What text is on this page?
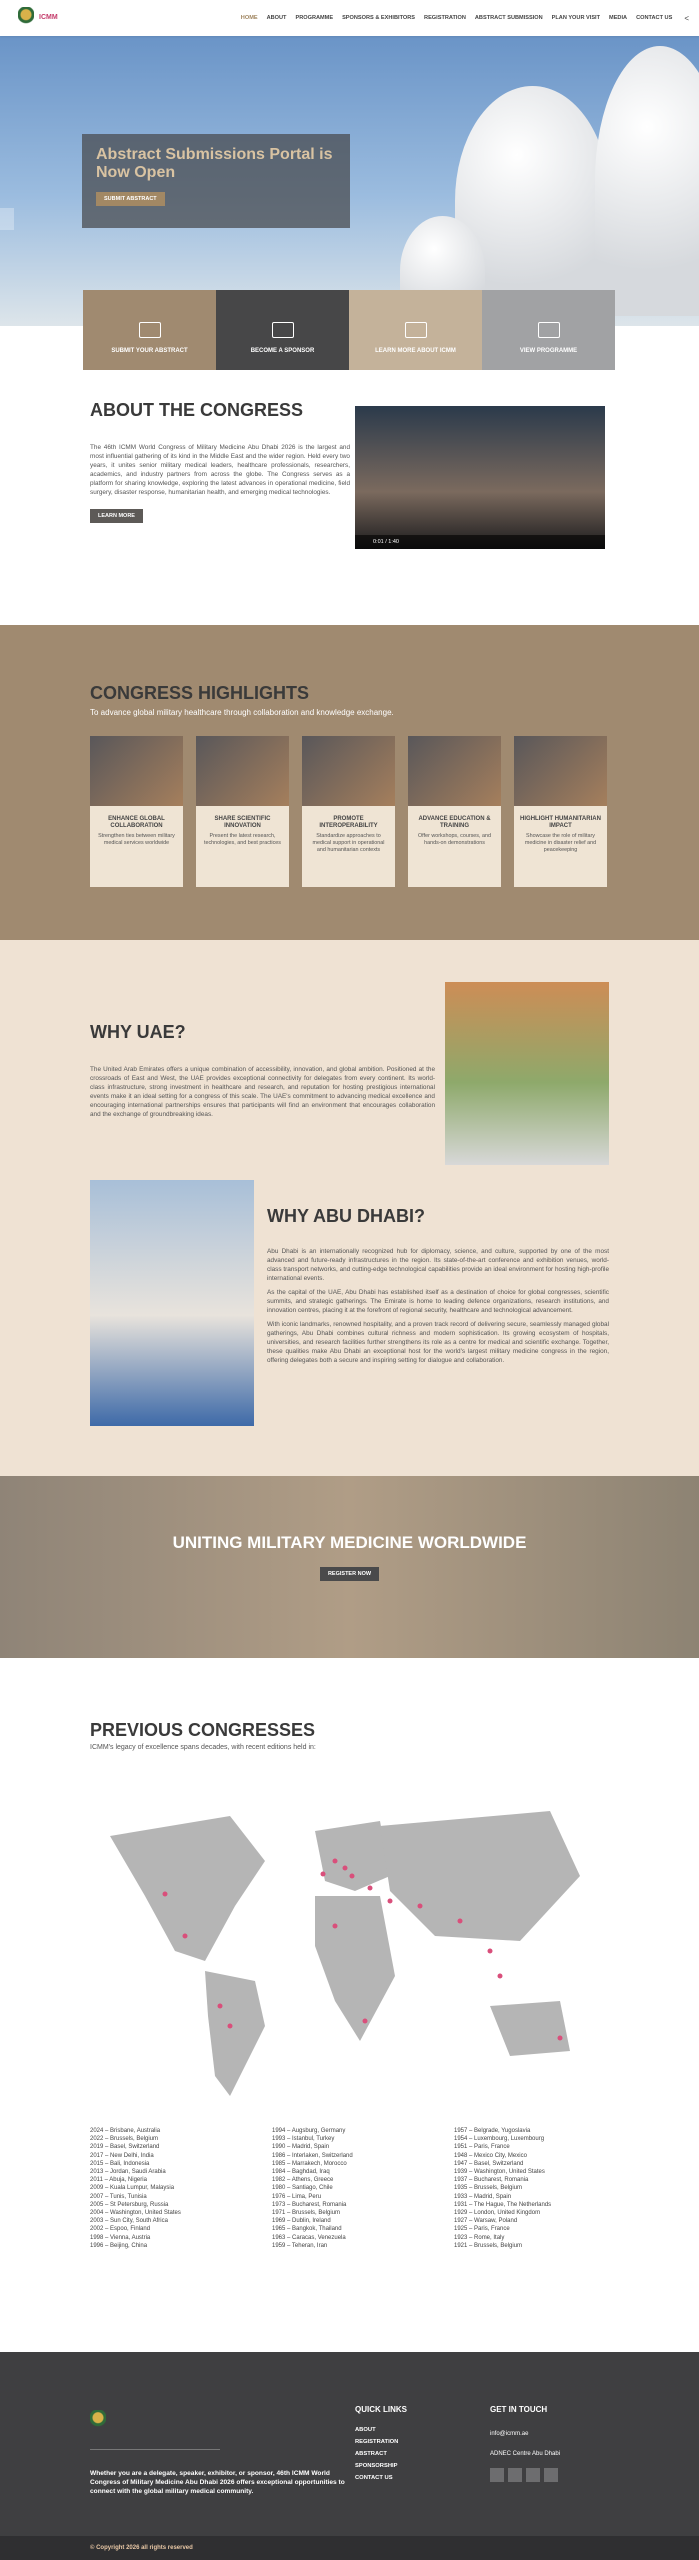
ICMM	HOME ABOUT PROGRAMME SPONSORS & EXHIBITORS REGISTRATION ABSTRACT SUBMISSION PLAN YOUR VISIT MEDIA CONTACT US <
Abstract Submissions Portal is Now Open
SUBMIT ABSTRACT
SUBMIT YOUR ABSTRACT	BECOME A SPONSOR	LEARN MORE ABOUT ICMM	VIEW PROGRAMME
ABOUT THE CONGRESS
The 46th ICMM World Congress of Military Medicine Abu Dhabi 2026 is the largest and most influential gathering of its kind in the Middle East and the wider region. Held every two years, it unites senior military medical leaders, healthcare professionals, researchers, academics, and industry partners from across the globe. The Congress serves as a platform for sharing knowledge, exploring the latest advances in operational medicine, field surgery, disaster response, humanitarian health, and emerging medical technologies.
LEARN MORE
0:01 / 1:40
CONGRESS HIGHLIGHTS
To advance global military healthcare through collaboration and knowledge exchange.
ENHANCE GLOBAL COLLABORATION
Strengthen ties between military medical services worldwide
SHARE SCIENTIFIC INNOVATION
Present the latest research, technologies, and best practices
PROMOTE INTEROPERABILITY
Standardize approaches to medical support in operational and humanitarian contexts
ADVANCE EDUCATION & TRAINING
Offer workshops, courses, and hands-on demonstrations
HIGHLIGHT HUMANITARIAN IMPACT
Showcase the role of military medicine in disaster relief and peacekeeping
WHY UAE?
The United Arab Emirates offers a unique combination of accessibility, innovation, and global ambition. Positioned at the crossroads of East and West, the UAE provides exceptional connectivity for delegates from every continent. Its world-class infrastructure, strong investment in healthcare and research, and reputation for hosting prestigious international events make it an ideal setting for a congress of this scale. The UAE's commitment to advancing medical excellence and encouraging international partnerships ensures that participants will find an environment that encourages collaboration and the exchange of groundbreaking ideas.
WHY ABU DHABI?
Abu Dhabi is an internationally recognized hub for diplomacy, science, and culture, supported by one of the most advanced and future-ready infrastructures in the region. Its state-of-the-art conference and exhibition venues, world-class transport networks, and cutting-edge technological capabilities provide an ideal environment for hosting high-profile international events.
As the capital of the UAE, Abu Dhabi has established itself as a destination of choice for global congresses, scientific summits, and strategic gatherings. The Emirate is home to leading defence organizations, research institutions, and innovation centres, placing it at the forefront of regional security, healthcare and technological advancement.
With iconic landmarks, renowned hospitality, and a proven track record of delivering secure, seamlessly managed global gatherings, Abu Dhabi combines cultural richness and modern sophistication. Its growing ecosystem of hospitals, universities, and research facilities further strengthens its role as a centre for medical and scientific exchange. Together, these qualities make Abu Dhabi an exceptional host for the world's largest military medicine congress in the region, offering delegates both a secure and inspiring setting for dialogue and collaboration.
UNITING MILITARY MEDICINE WORLDWIDE
REGISTER NOW
PREVIOUS CONGRESSES
ICMM's legacy of excellence spans decades, with recent editions held in:
2024 – Brisbane, Australia
2022 – Brussels, Belgium
2019 – Basel, Switzerland
2017 – New Delhi, India
2015 – Bali, Indonesia
2013 – Jordan, Saudi Arabia
2011 – Abuja, Nigeria
2009 – Kuala Lumpur, Malaysia
2007 – Tunis, Tunisia
2005 – St Petersburg, Russia
2004 – Washington, United States
2003 – Sun City, South Africa
2002 – Espoo, Finland
1998 – Vienna, Austria
1996 – Beijing, China
1994 – Augsburg, Germany
1993 – Istanbul, Turkey
1990 – Madrid, Spain
1986 – Interlaken, Switzerland
1985 – Marrakech, Morocco
1984 – Baghdad, Iraq
1982 – Athens, Greece
1980 – Santiago, Chile
1976 – Lima, Peru
1973 – Bucharest, Romania
1971 – Brussels, Belgium
1969 – Dublin, Ireland
1965 – Bangkok, Thailand
1963 – Caracas, Venezuela
1959 – Teheran, Iran
1957 – Belgrade, Yugoslavia
1954 – Luxembourg, Luxembourg
1951 – Paris, France
1948 – Mexico City, Mexico
1947 – Basel, Switzerland
1939 – Washington, United States
1937 – Bucharest, Romania
1935 – Brussels, Belgium
1933 – Madrid, Spain
1931 – The Hague, The Netherlands
1929 – London, United Kingdom
1927 – Warsaw, Poland
1925 – Paris, France
1923 – Rome, Italy
1921 – Brussels, Belgium
Whether you are a delegate, speaker, exhibitor, or sponsor, 46th ICMM World Congress of Military Medicine Abu Dhabi 2026 offers exceptional opportunities to connect with the global military medical community.
QUICK LINKS
ABOUT
REGISTRATION
ABSTRACT
SPONSORSHIP
CONTACT US
GET IN TOUCH
info@icmm.ae
ADNEC Centre Abu Dhabi
© Copyright 2026 all rights reserved
